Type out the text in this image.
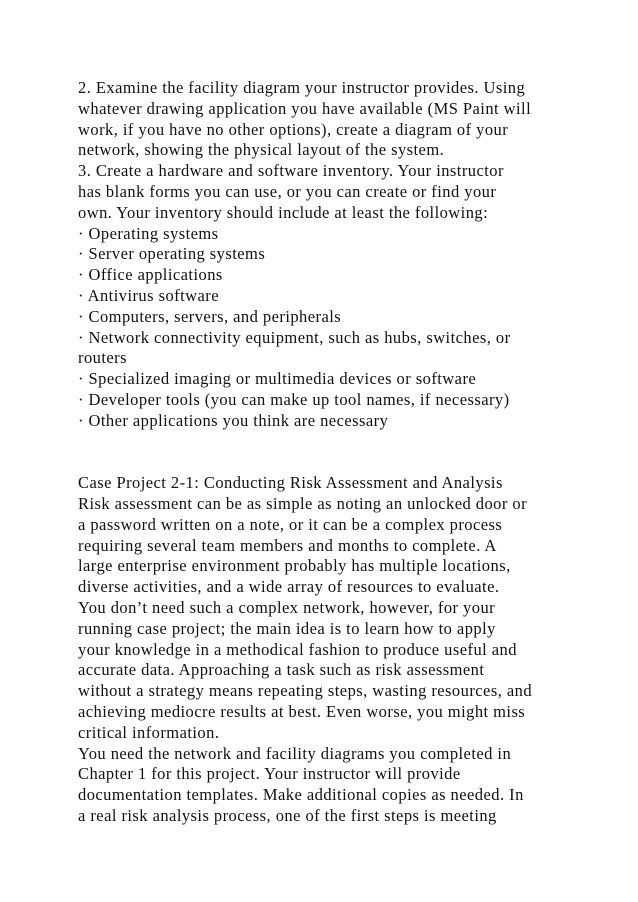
2. Examine the facility diagram your instructor provides. Using
whatever drawing application you have available (MS Paint will
work, if you have no other options), create a diagram of your
network, showing the physical layout of the system.
3. Create a hardware and software inventory. Your instructor
has blank forms you can use, or you can create or find your
own. Your inventory should include at least the following:
· Operating systems
· Server operating systems
· Office applications
· Antivirus software
· Computers, servers, and peripherals
· Network connectivity equipment, such as hubs, switches, or
routers
· Specialized imaging or multimedia devices or software
· Developer tools (you can make up tool names, if necessary)
· Other applications you think are necessary
Case Project 2-1: Conducting Risk Assessment and Analysis
Risk assessment can be as simple as noting an unlocked door or
a password written on a note, or it can be a complex process
requiring several team members and months to complete. A
large enterprise environment probably has multiple locations,
diverse activities, and a wide array of resources to evaluate.
You don’t need such a complex network, however, for your
running case project; the main idea is to learn how to apply
your knowledge in a methodical fashion to produce useful and
accurate data. Approaching a task such as risk assessment
without a strategy means repeating steps, wasting resources, and
achieving mediocre results at best. Even worse, you might miss
critical information.
You need the network and facility diagrams you completed in
Chapter 1 for this project. Your instructor will provide
documentation templates. Make additional copies as needed. In
a real risk analysis process, one of the first steps is meeting
